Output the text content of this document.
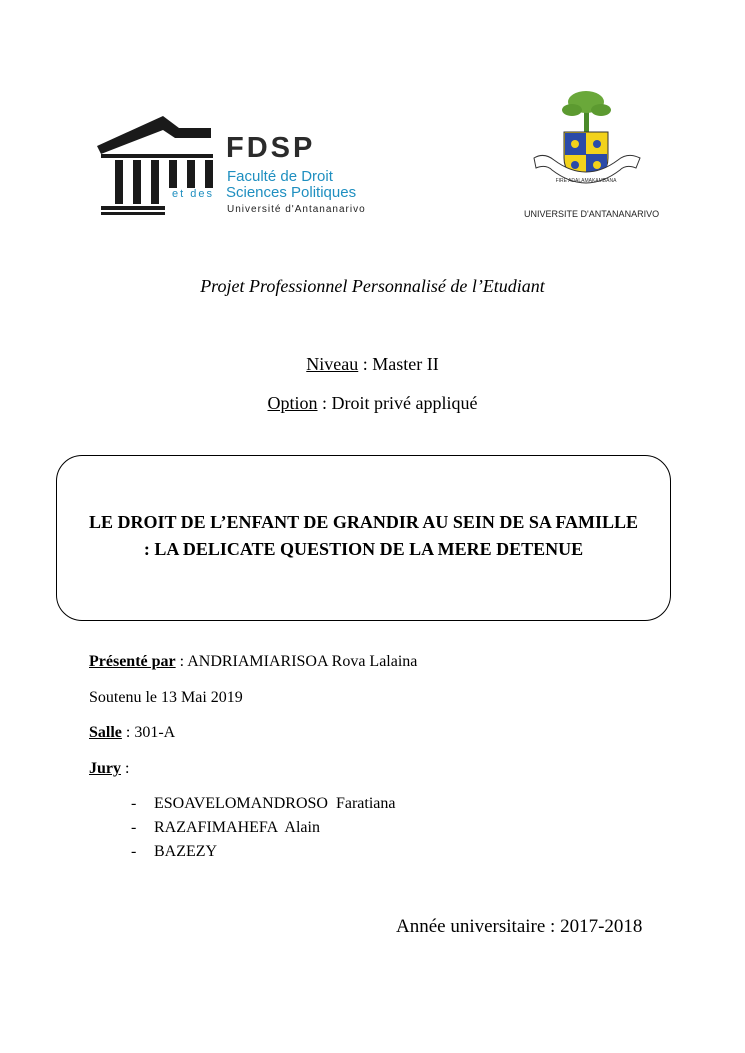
FDSP
Faculté de Droit
et des Sciences Politiques
Université d'Antananarivo
FIRE ADALAMAKAMBANA
UNIVERSITE D'ANTANANARIVO
Projet Professionnel Personnalisé de l’Etudiant
Niveau : Master II
Option : Droit privé appliqué
LE DROIT DE L’ENFANT DE GRANDIR AU SEIN DE SA FAMILLE : LA DELICATE QUESTION DE LA MERE DETENUE
Présenté par : ANDRIAMIARISOA Rova Lalaina
Soutenu le 13 Mai 2019
Salle : 301-A
Jury :
- ESOAVELOMANDROSO  Faratiana
- RAZAFIMAHEFA  Alain
- BAZEZY
Année universitaire : 2017-2018
